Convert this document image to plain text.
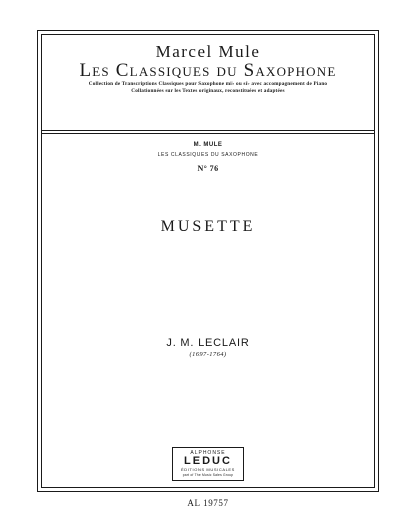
Marcel Mule
Les Classiques du Saxophone
Collection de Transcriptions Classiques pour Saxophone mi♭ ou si♭ avec accompagnement de Piano
Collationnées sur les Textes originaux, reconstituées et adaptées
M. MULE
LES CLASSIQUES DU SAXOPHONE
N° 76
MUSETTE
J. M. LECLAIR
(1697-1764)
ALPHONSE
LEDUC
ÉDITIONS MUSICALES
part of The Music Sales Group
AL 19757
